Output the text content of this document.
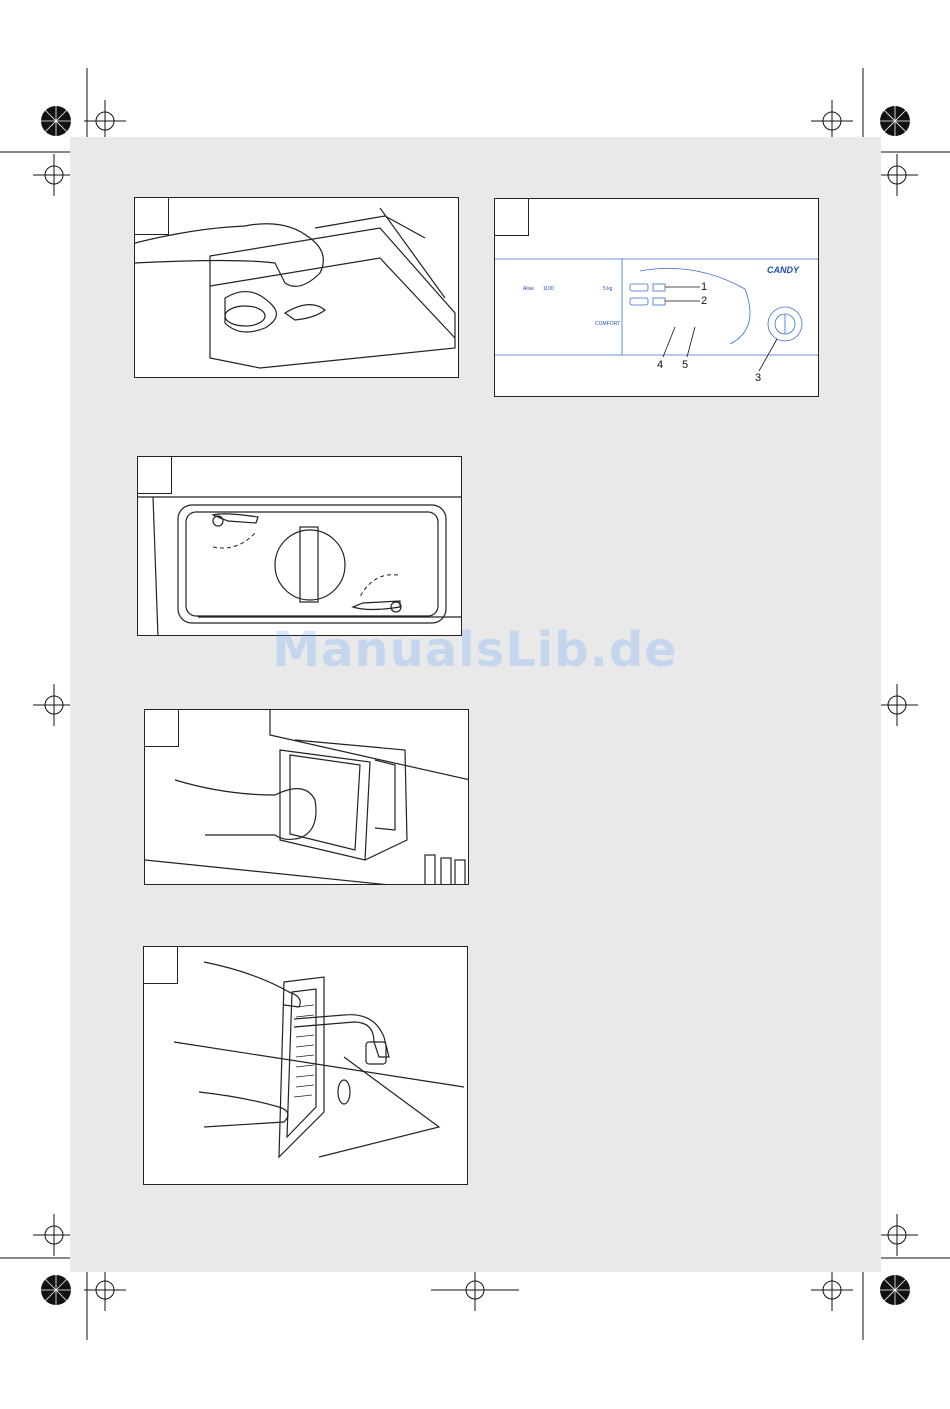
CANDY
Alise 1100	5 kg
COMFORT
1
2
3
4 5
ManualsLib.de
